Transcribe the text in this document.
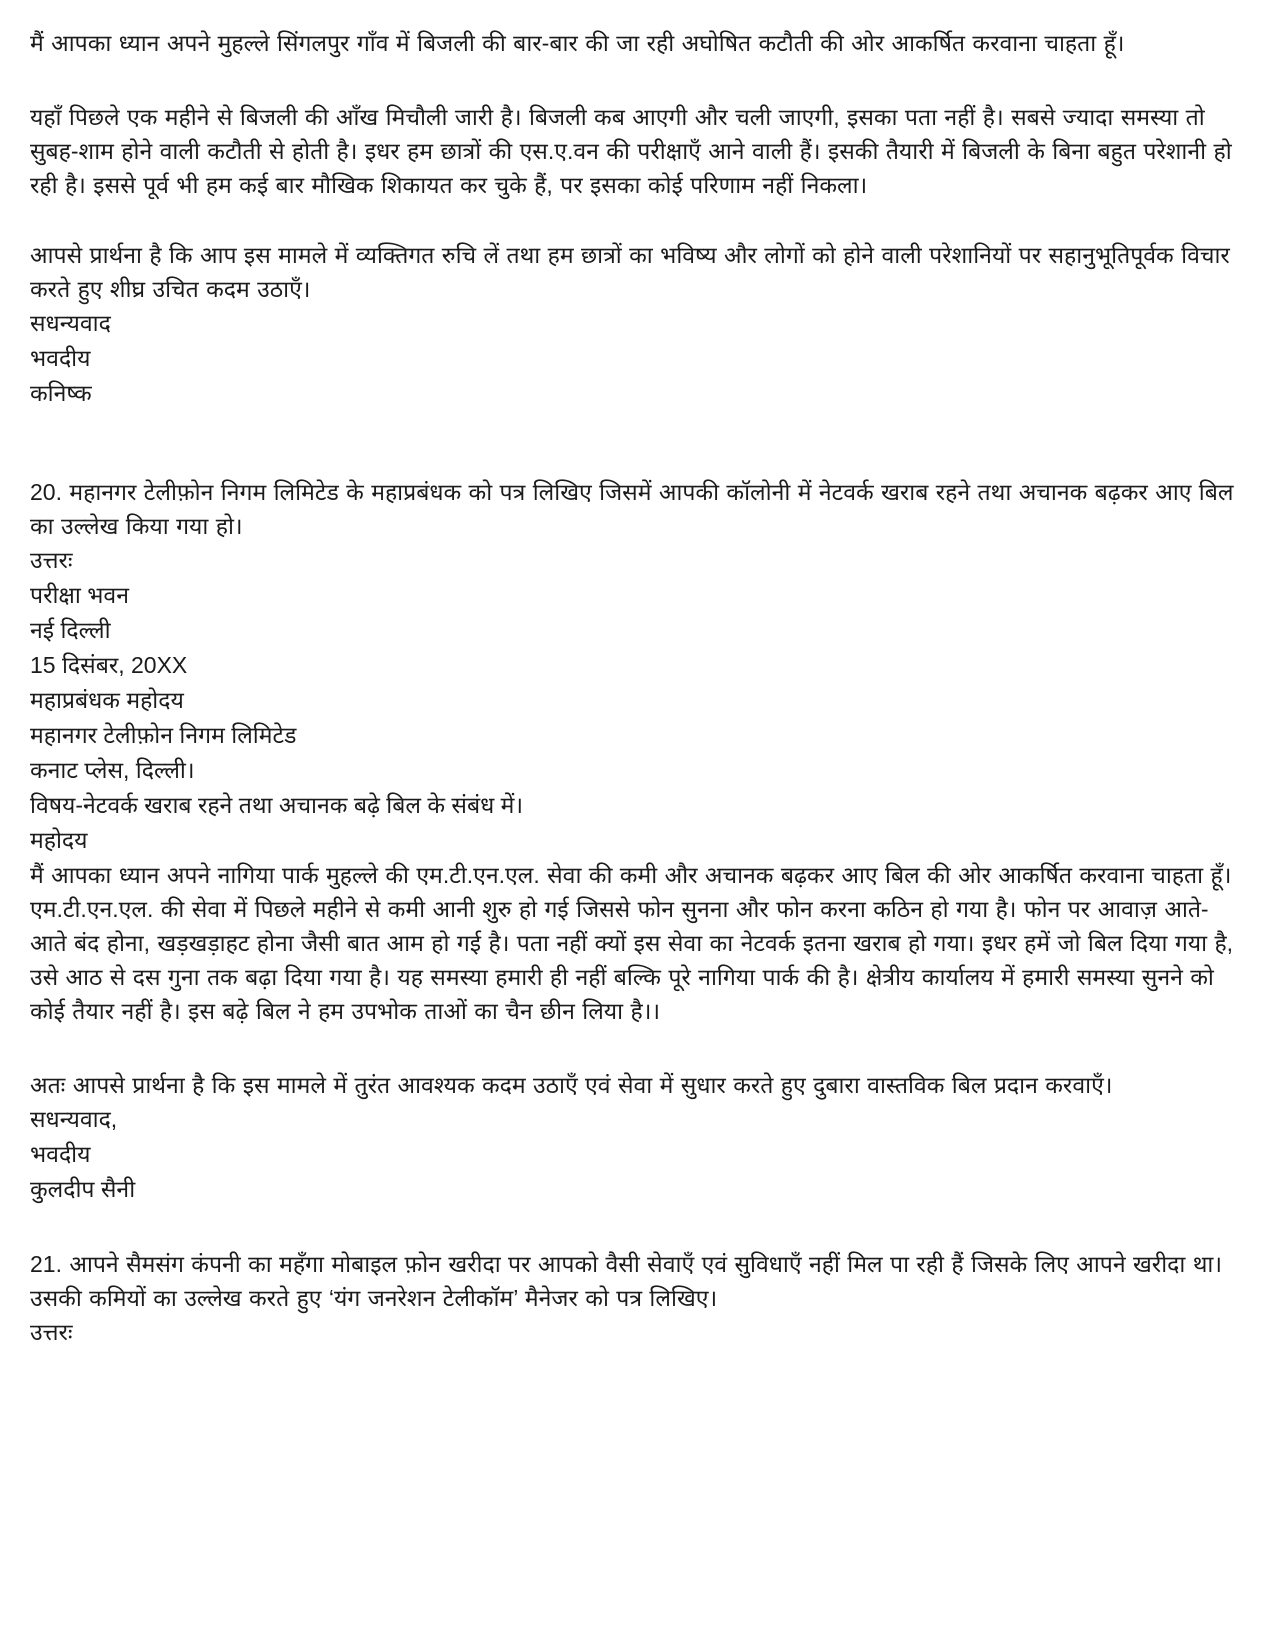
मैं आपका ध्यान अपने मुहल्ले सिंगलपुर गाँव में बिजली की बार-बार की जा रही अघोषित कटौती की ओर आकर्षित करवाना चाहता हूँ।

यहाँ पिछले एक महीने से बिजली की आँख मिचौली जारी है। बिजली कब आएगी और चली जाएगी, इसका पता नहीं है। सबसे ज्यादा समस्या तो सुबह-शाम होने वाली कटौती से होती है। इधर हम छात्रों की एस.ए.वन की परीक्षाएँ आने वाली हैं। इसकी तैयारी में बिजली के बिना बहुत परेशानी हो रही है। इससे पूर्व भी हम कई बार मौखिक शिकायत कर चुके हैं, पर इसका कोई परिणाम नहीं निकला।

आपसे प्रार्थना है कि आप इस मामले में व्यक्तिगत रुचि लें तथा हम छात्रों का भविष्य और लोगों को होने वाली परेशानियों पर सहानुभूतिपूर्वक विचार करते हुए शीघ्र उचित कदम उठाएँ।

सधन्यवाद

भवदीय

कनिष्क

20. महानगर टेलीफ़ोन निगम लिमिटेड के महाप्रबंधक को पत्र लिखिए जिसमें आपकी कॉलोनी में नेटवर्क खराब रहने तथा अचानक बढ़कर आए बिल का उल्लेख किया गया हो।

उत्तरः

परीक्षा भवन

नई दिल्ली

15 दिसंबर, 20XX

महाप्रबंधक महोदय

महानगर टेलीफ़ोन निगम लिमिटेड

कनाट प्लेस, दिल्ली।

विषय-नेटवर्क खराब रहने तथा अचानक बढ़े बिल के संबंध में।

महोदय

मैं आपका ध्यान अपने नागिया पार्क मुहल्ले की एम.टी.एन.एल. सेवा की कमी और अचानक बढ़कर आए बिल की ओर आकर्षित करवाना चाहता हूँ।

एम.टी.एन.एल. की सेवा में पिछले महीने से कमी आनी शुरु हो गई जिससे फोन सुनना और फोन करना कठिन हो गया है। फोन पर आवाज़ आते-आते बंद होना, खड़खड़ाहट होना जैसी बात आम हो गई है। पता नहीं क्यों इस सेवा का नेटवर्क इतना खराब हो गया। इधर हमें जो बिल दिया गया है, उसे आठ से दस गुना तक बढ़ा दिया गया है। यह समस्या हमारी ही नहीं बल्कि पूरे नागिया पार्क की है। क्षेत्रीय कार्यालय में हमारी समस्या सुनने को कोई तैयार नहीं है। इस बढ़े बिल ने हम उपभोक ताओं का चैन छीन लिया है।।

अतः आपसे प्रार्थना है कि इस मामले में तुरंत आवश्यक कदम उठाएँ एवं सेवा में सुधार करते हुए दुबारा वास्तविक बिल प्रदान करवाएँ।

सधन्यवाद,

भवदीय

कुलदीप सैनी

21. आपने सैमसंग कंपनी का महँगा मोबाइल फ़ोन खरीदा पर आपको वैसी सेवाएँ एवं सुविधाएँ नहीं मिल पा रही हैं जिसके लिए आपने खरीदा था। उसकी कमियों का उल्लेख करते हुए ‘यंग जनरेशन टेलीकॉम’ मैनेजर को पत्र लिखिए।

उत्तरः
